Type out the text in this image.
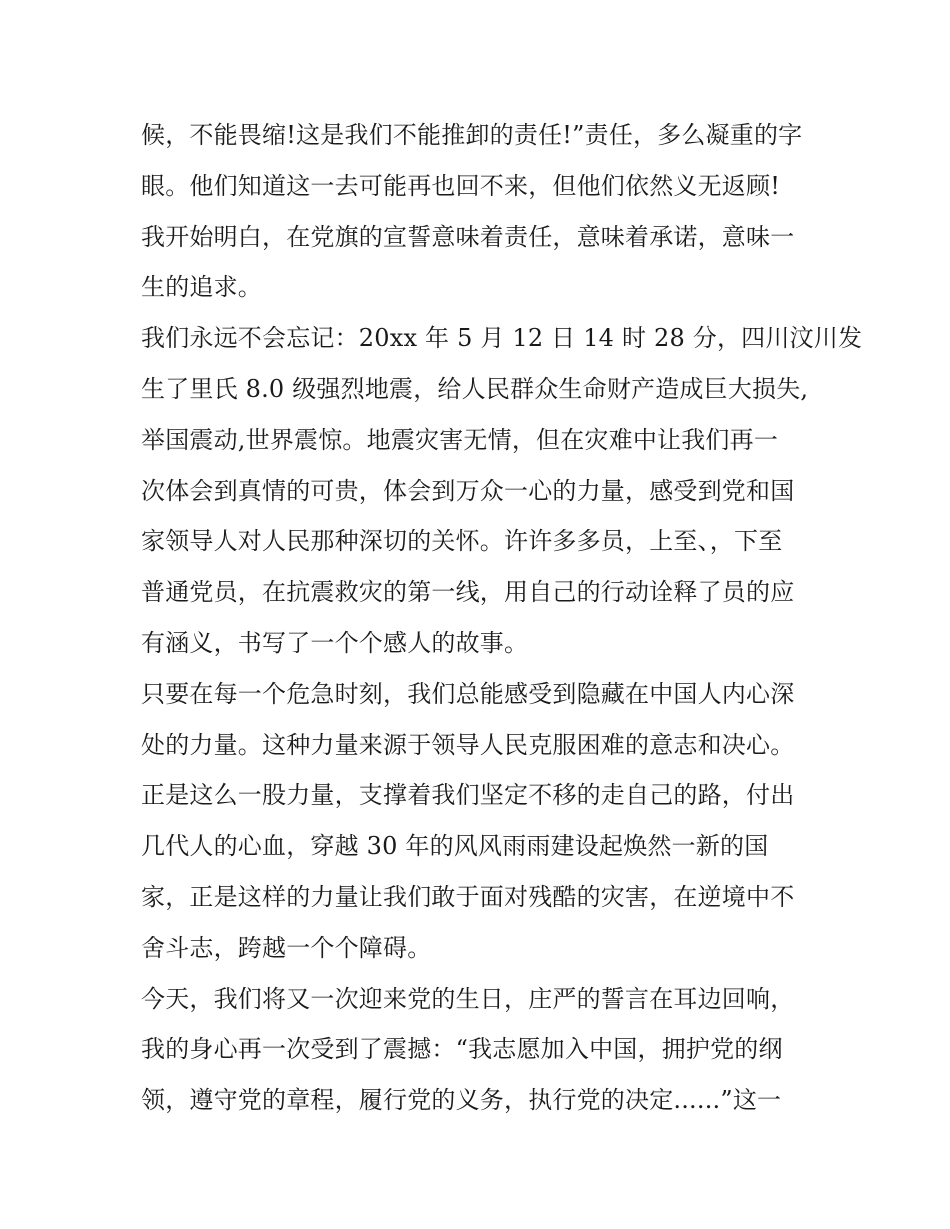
候，不能畏缩!这是我们不能推卸的责任!”责任，多么凝重的字
眼。他们知道这一去可能再也回不来，但他们依然义无返顾!
我开始明白，在党旗的宣誓意味着责任，意味着承诺，意味一
生的追求。
我们永远不会忘记：20xx 年 5 月 12 日 14 时 28 分，四川汶川发
生了里氏 8.0 级强烈地震，给人民群众生命财产造成巨大损失,
举国震动,世界震惊。地震灾害无情，但在灾难中让我们再一
次体会到真情的可贵，体会到万众一心的力量，感受到党和国
家领导人对人民那种深切的关怀。许许多多员，上至、，下至
普通党员，在抗震救灾的第一线，用自己的行动诠释了员的应
有涵义，书写了一个个感人的故事。
只要在每一个危急时刻，我们总能感受到隐藏在中国人内心深
处的力量。这种力量来源于领导人民克服困难的意志和决心。
正是这么一股力量，支撑着我们坚定不移的走自己的路，付出
几代人的心血，穿越 30 年的风风雨雨建设起焕然一新的国
家，正是这样的力量让我们敢于面对残酷的灾害，在逆境中不
舍斗志，跨越一个个障碍。
今天，我们将又一次迎来党的生日，庄严的誓言在耳边回响，
我的身心再一次受到了震撼：“我志愿加入中国，拥护党的纲
领，遵守党的章程，履行党的义务，执行党的决定......”这一
